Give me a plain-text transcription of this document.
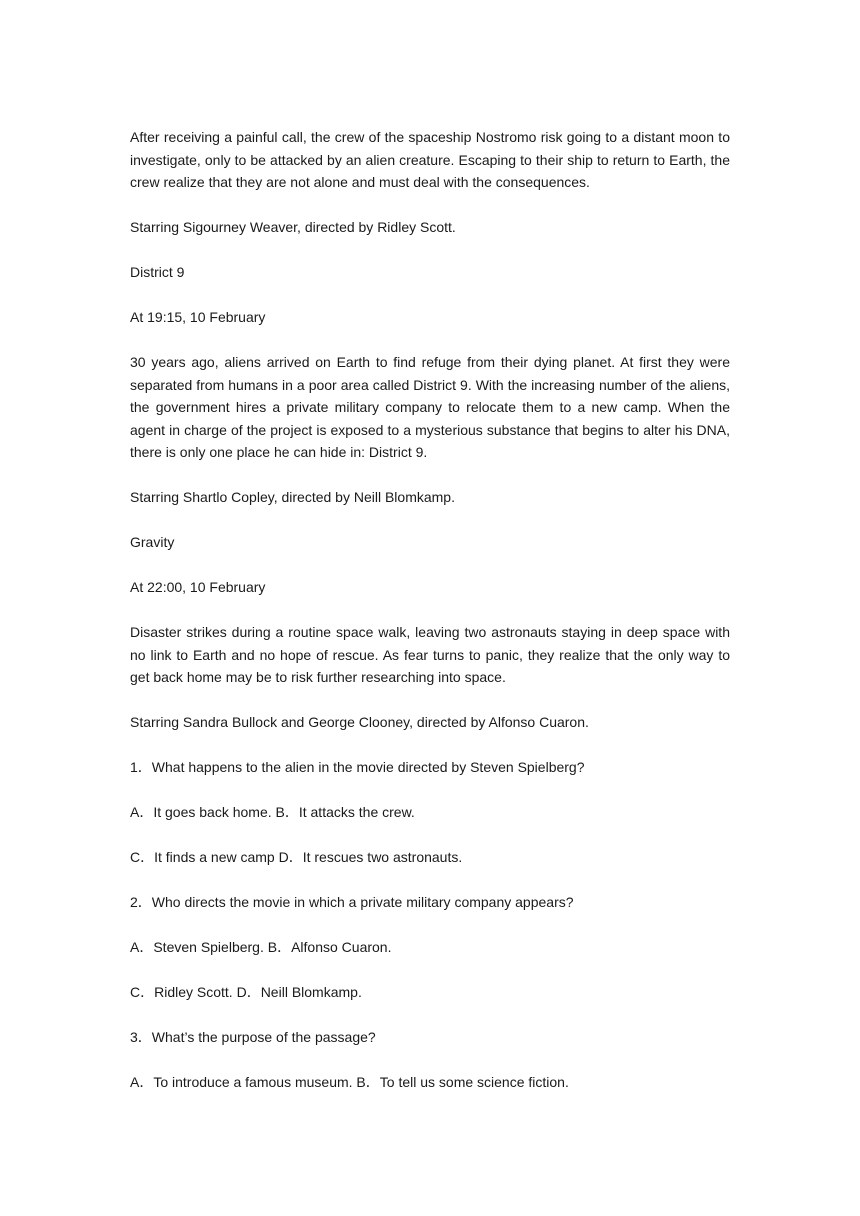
After receiving a painful call, the crew of the spaceship Nostromo risk going to a distant moon to investigate, only to be attacked by an alien creature. Escaping to their ship to return to Earth, the crew realize that they are not alone and must deal with the consequences.

Starring Sigourney Weaver, directed by Ridley Scott.

District 9

At 19:15, 10 February

30 years ago, aliens arrived on Earth to find refuge from their dying planet. At first they were separated from humans in a poor area called District 9. With the increasing number of the aliens, the government hires a private military company to relocate them to a new camp. When the agent in charge of the project is exposed to a mysterious substance that begins to alter his DNA, there is only one place he can hide in: District 9.

Starring Shartlo Copley, directed by Neill Blomkamp.

Gravity

At 22:00, 10 February

Disaster strikes during a routine space walk, leaving two astronauts staying in deep space with no link to Earth and no hope of rescue. As fear turns to panic, they realize that the only way to get back home may be to risk further researching into space.

Starring Sandra Bullock and George Clooney, directed by Alfonso Cuaron.

1．What happens to the alien in the movie directed by Steven Spielberg?

A．It goes back home. B．It attacks the crew.

C．It finds a new camp D．It rescues two astronauts.

2．Who directs the movie in which a private military company appears?

A．Steven Spielberg. B．Alfonso Cuaron.

C．Ridley Scott. D．Neill Blomkamp.

3．What’s the purpose of the passage?

A．To introduce a famous museum. B．To tell us some science fiction.
